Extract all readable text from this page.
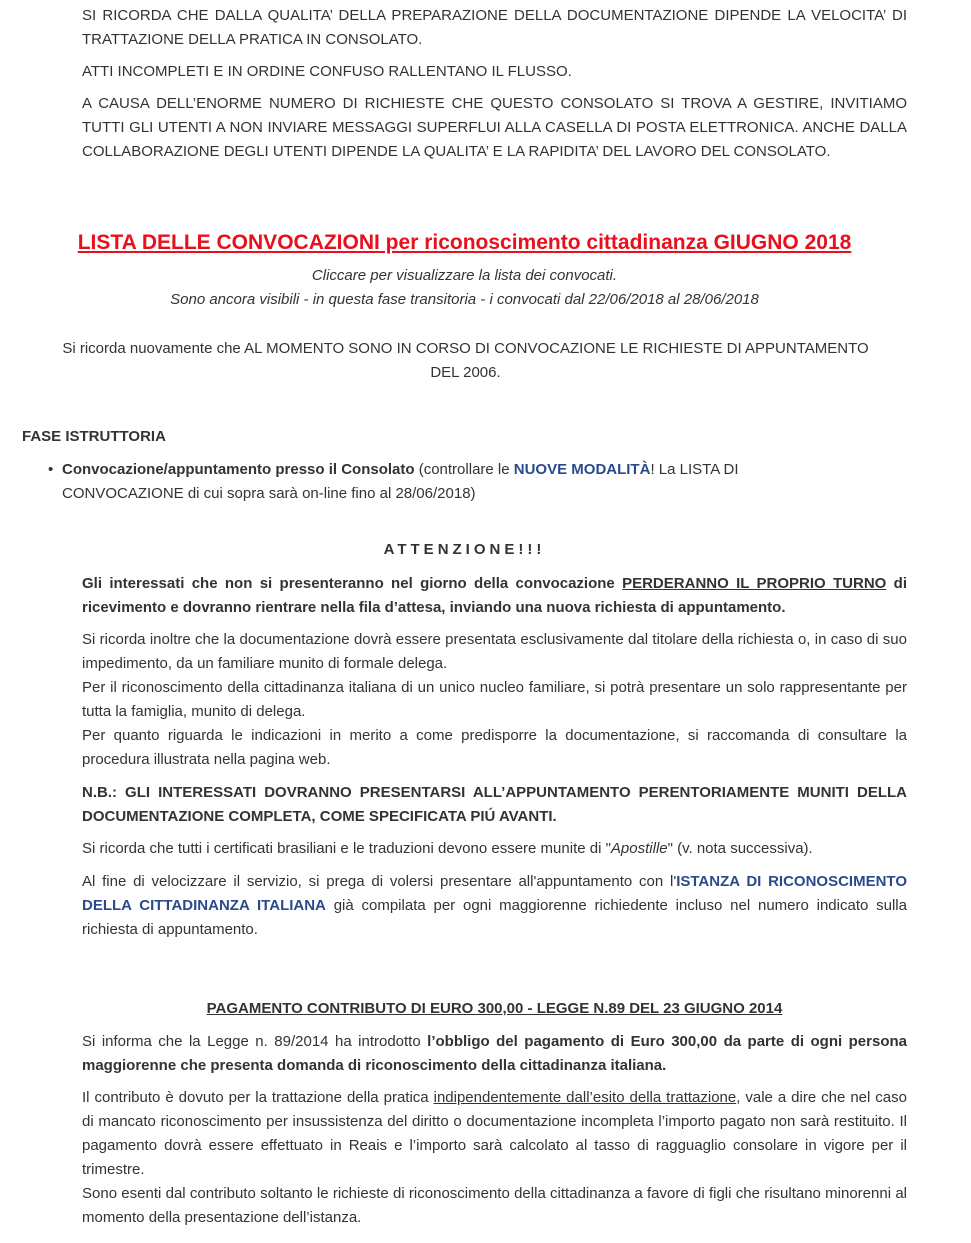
SI RICORDA CHE DALLA QUALITA’ DELLA PREPARAZIONE DELLA DOCUMENTAZIONE DIPENDE LA VELOCITA’ DI TRATTAZIONE DELLA PRATICA IN CONSOLATO.

ATTI INCOMPLETI E IN ORDINE CONFUSO RALLENTANO IL FLUSSO.

A CAUSA DELL’ENORME NUMERO DI RICHIESTE CHE QUESTO CONSOLATO SI TROVA A GESTIRE, INVITIAMO TUTTI GLI UTENTI A NON INVIARE MESSAGGI SUPERFLUI ALLA CASELLA DI POSTA ELETTRONICA. ANCHE DALLA COLLABORAZIONE DEGLI UTENTI DIPENDE LA QUALITA’ E LA RAPIDITA’ DEL LAVORO DEL CONSOLATO.

LISTA DELLE CONVOCAZIONI per riconoscimento cittadinanza GIUGNO 2018
Cliccare per visualizzare la lista dei convocati.
Sono ancora visibili - in questa fase transitoria - i convocati dal 22/06/2018 al 28/06/2018
Si ricorda nuovamente che AL MOMENTO SONO IN CORSO DI CONVOCAZIONE LE RICHIESTE DI APPUNTAMENTO
DEL 2006.
FASE ISTRUTTORIA
• Convocazione/appuntamento presso il Consolato (controllare le NUOVE MODALITÀ! La LISTA DI CONVOCAZIONE di cui sopra sarà on-line fino al 28/06/2018)
ATTENZIONE!!!

Gli interessati che non si presenteranno nel giorno della convocazione PERDERANNO IL PROPRIO TURNO di ricevimento e dovranno rientrare nella fila d’attesa, inviando una nuova richiesta di appuntamento.

Si ricorda inoltre che la documentazione dovrà essere presentata esclusivamente dal titolare della richiesta o, in caso di suo impedimento, da un familiare munito di formale delega.
Per il riconoscimento della cittadinanza italiana di un unico nucleo familiare, si potrà presentare un solo rappresentante per tutta la famiglia, munito di delega.
Per quanto riguarda le indicazioni in merito a come predisporre la documentazione, si raccomanda di consultare la procedura illustrata nella pagina web.

N.B.: GLI INTERESSATI DOVRANNO PRESENTARSI ALL’APPUNTAMENTO PERENTORIAMENTE MUNITI DELLA DOCUMENTAZIONE COMPLETA, COME SPECIFICATA PIÚ AVANTI.

Si ricorda che tutti i certificati brasiliani e le traduzioni devono essere munite di "Apostille" (v. nota successiva).

Al fine di velocizzare il servizio, si prega di volersi presentare all'appuntamento con l'ISTANZA DI RICONOSCIMENTO DELLA CITTADINANZA ITALIANA già compilata per ogni maggiorenne richiedente incluso nel numero indicato sulla richiesta di appuntamento.

PAGAMENTO CONTRIBUTO DI EURO 300,00 - LEGGE N.89 DEL 23 GIUGNO 2014

Si informa che la Legge n. 89/2014 ha introdotto l’obbligo del pagamento di Euro 300,00 da parte di ogni persona maggiorenne che presenta domanda di riconoscimento della cittadinanza italiana.

Il contributo è dovuto per la trattazione della pratica indipendentemente dall’esito della trattazione, vale a dire che nel caso di mancato riconoscimento per insussistenza del diritto o documentazione incompleta l’importo pagato non sarà restituito. Il pagamento dovrà essere effettuato in Reais e l’importo sarà calcolato al tasso di ragguaglio consolare in vigore per il trimestre.
Sono esenti dal contributo soltanto le richieste di riconoscimento della cittadinanza a favore di figli che risultano minorenni al momento della presentazione dell’istanza.
